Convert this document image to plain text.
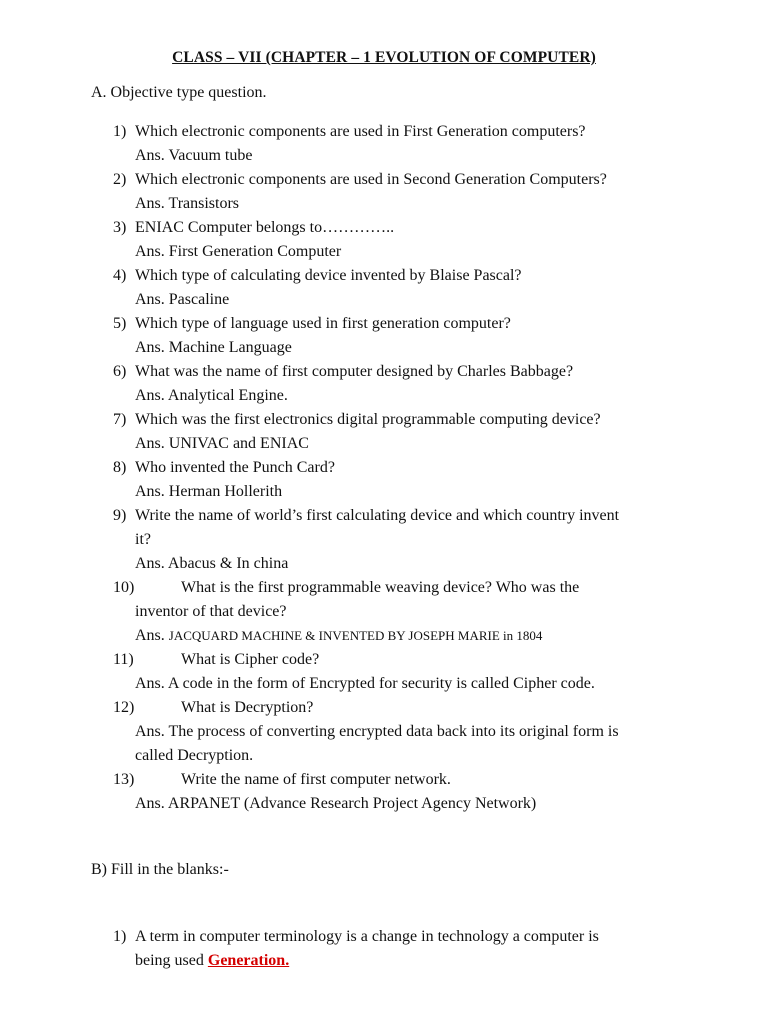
CLASS – VII (CHAPTER – 1 EVOLUTION OF COMPUTER)
A. Objective type question.
1) Which electronic components are used in First Generation computers?
Ans. Vacuum tube
2) Which electronic components are used in Second Generation Computers?
Ans. Transistors
3) ENIAC Computer belongs to…………..
Ans. First Generation Computer
4) Which type of calculating device invented by Blaise Pascal?
Ans. Pascaline
5) Which type of language used in first generation computer?
Ans. Machine Language
6) What was the name of first computer designed by Charles Babbage?
Ans. Analytical Engine.
7) Which was the first electronics digital programmable computing device?
Ans. UNIVAC and ENIAC
8) Who invented the Punch Card?
Ans. Herman Hollerith
9) Write the name of world’s first calculating device and which country invent
it?
Ans. Abacus & In china
10)	What is the first programmable weaving device? Who was the
inventor of that device?
Ans. JACQUARD MACHINE & INVENTED BY JOSEPH MARIE in 1804
11)	What is Cipher code?
Ans. A code in the form of Encrypted for security is called Cipher code.
12)	What is Decryption?
Ans. The process of converting encrypted data back into its original form is
called Decryption.
13)	Write the name of first computer network.
Ans. ARPANET (Advance Research Project Agency Network)
B) Fill in the blanks:-
1) A term in computer terminology is a change in technology a computer is
being used Generation.
